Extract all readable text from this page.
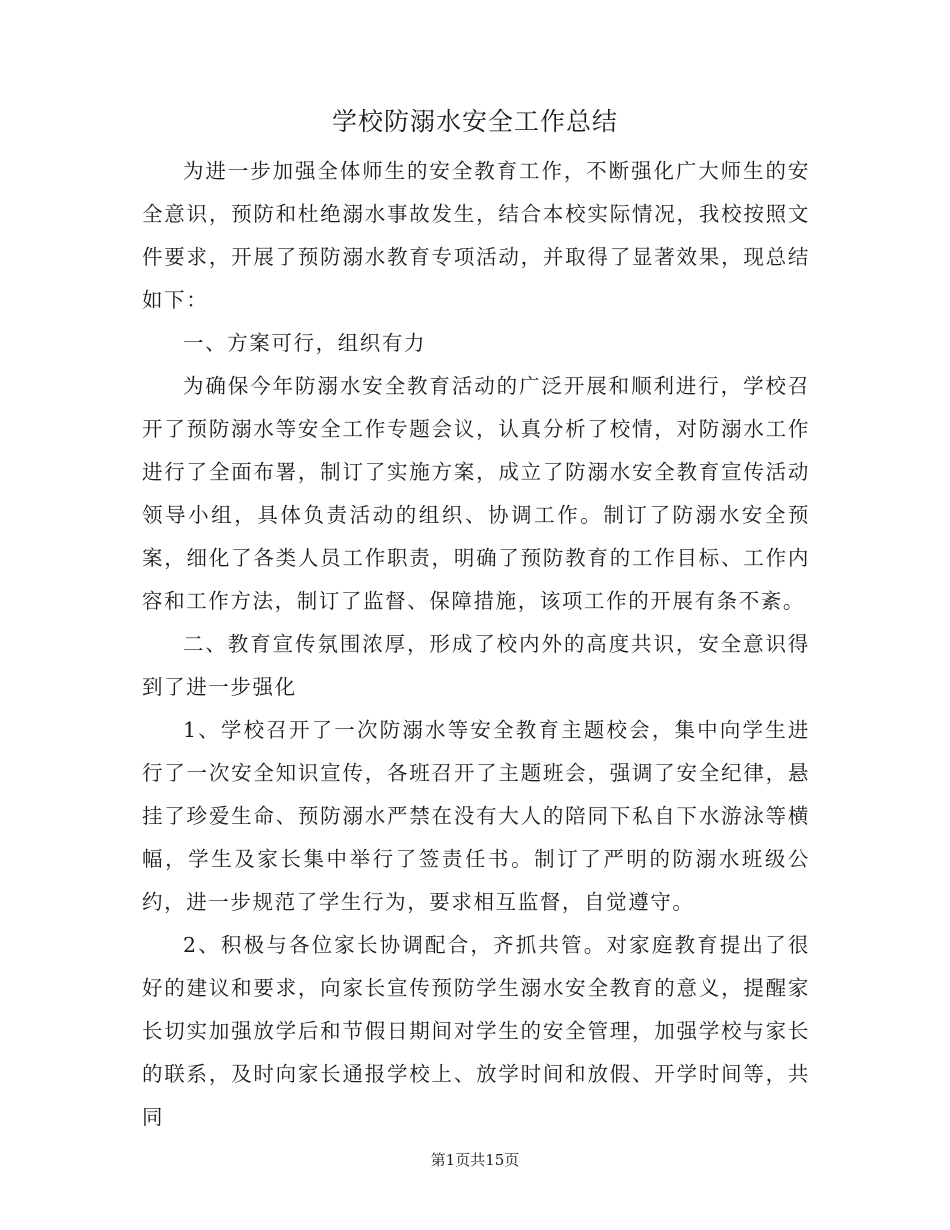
学校防溺水安全工作总结

为进一步加强全体师生的安全教育工作，不断强化广大师生的安全意识，预防和杜绝溺水事故发生，结合本校实际情况，我校按照文件要求，开展了预防溺水教育专项活动，并取得了显著效果，现总结如下：

一、方案可行，组织有力

为确保今年防溺水安全教育活动的广泛开展和顺利进行，学校召开了预防溺水等安全工作专题会议，认真分析了校情，对防溺水工作进行了全面布署，制订了实施方案，成立了防溺水安全教育宣传活动领导小组，具体负责活动的组织、协调工作。制订了防溺水安全预案，细化了各类人员工作职责，明确了预防教育的工作目标、工作内容和工作方法，制订了监督、保障措施，该项工作的开展有条不紊。

二、教育宣传氛围浓厚，形成了校内外的高度共识，安全意识得到了进一步强化

1、学校召开了一次防溺水等安全教育主题校会，集中向学生进行了一次安全知识宣传，各班召开了主题班会，强调了安全纪律，悬挂了珍爱生命、预防溺水严禁在没有大人的陪同下私自下水游泳等横幅，学生及家长集中举行了签责任书。制订了严明的防溺水班级公约，进一步规范了学生行为，要求相互监督，自觉遵守。

2、积极与各位家长协调配合，齐抓共管。对家庭教育提出了很好的建议和要求，向家长宣传预防学生溺水安全教育的意义，提醒家长切实加强放学后和节假日期间对学生的安全管理，加强学校与家长的联系，及时向家长通报学校上、放学时间和放假、开学时间等，共同

第1页共15页
